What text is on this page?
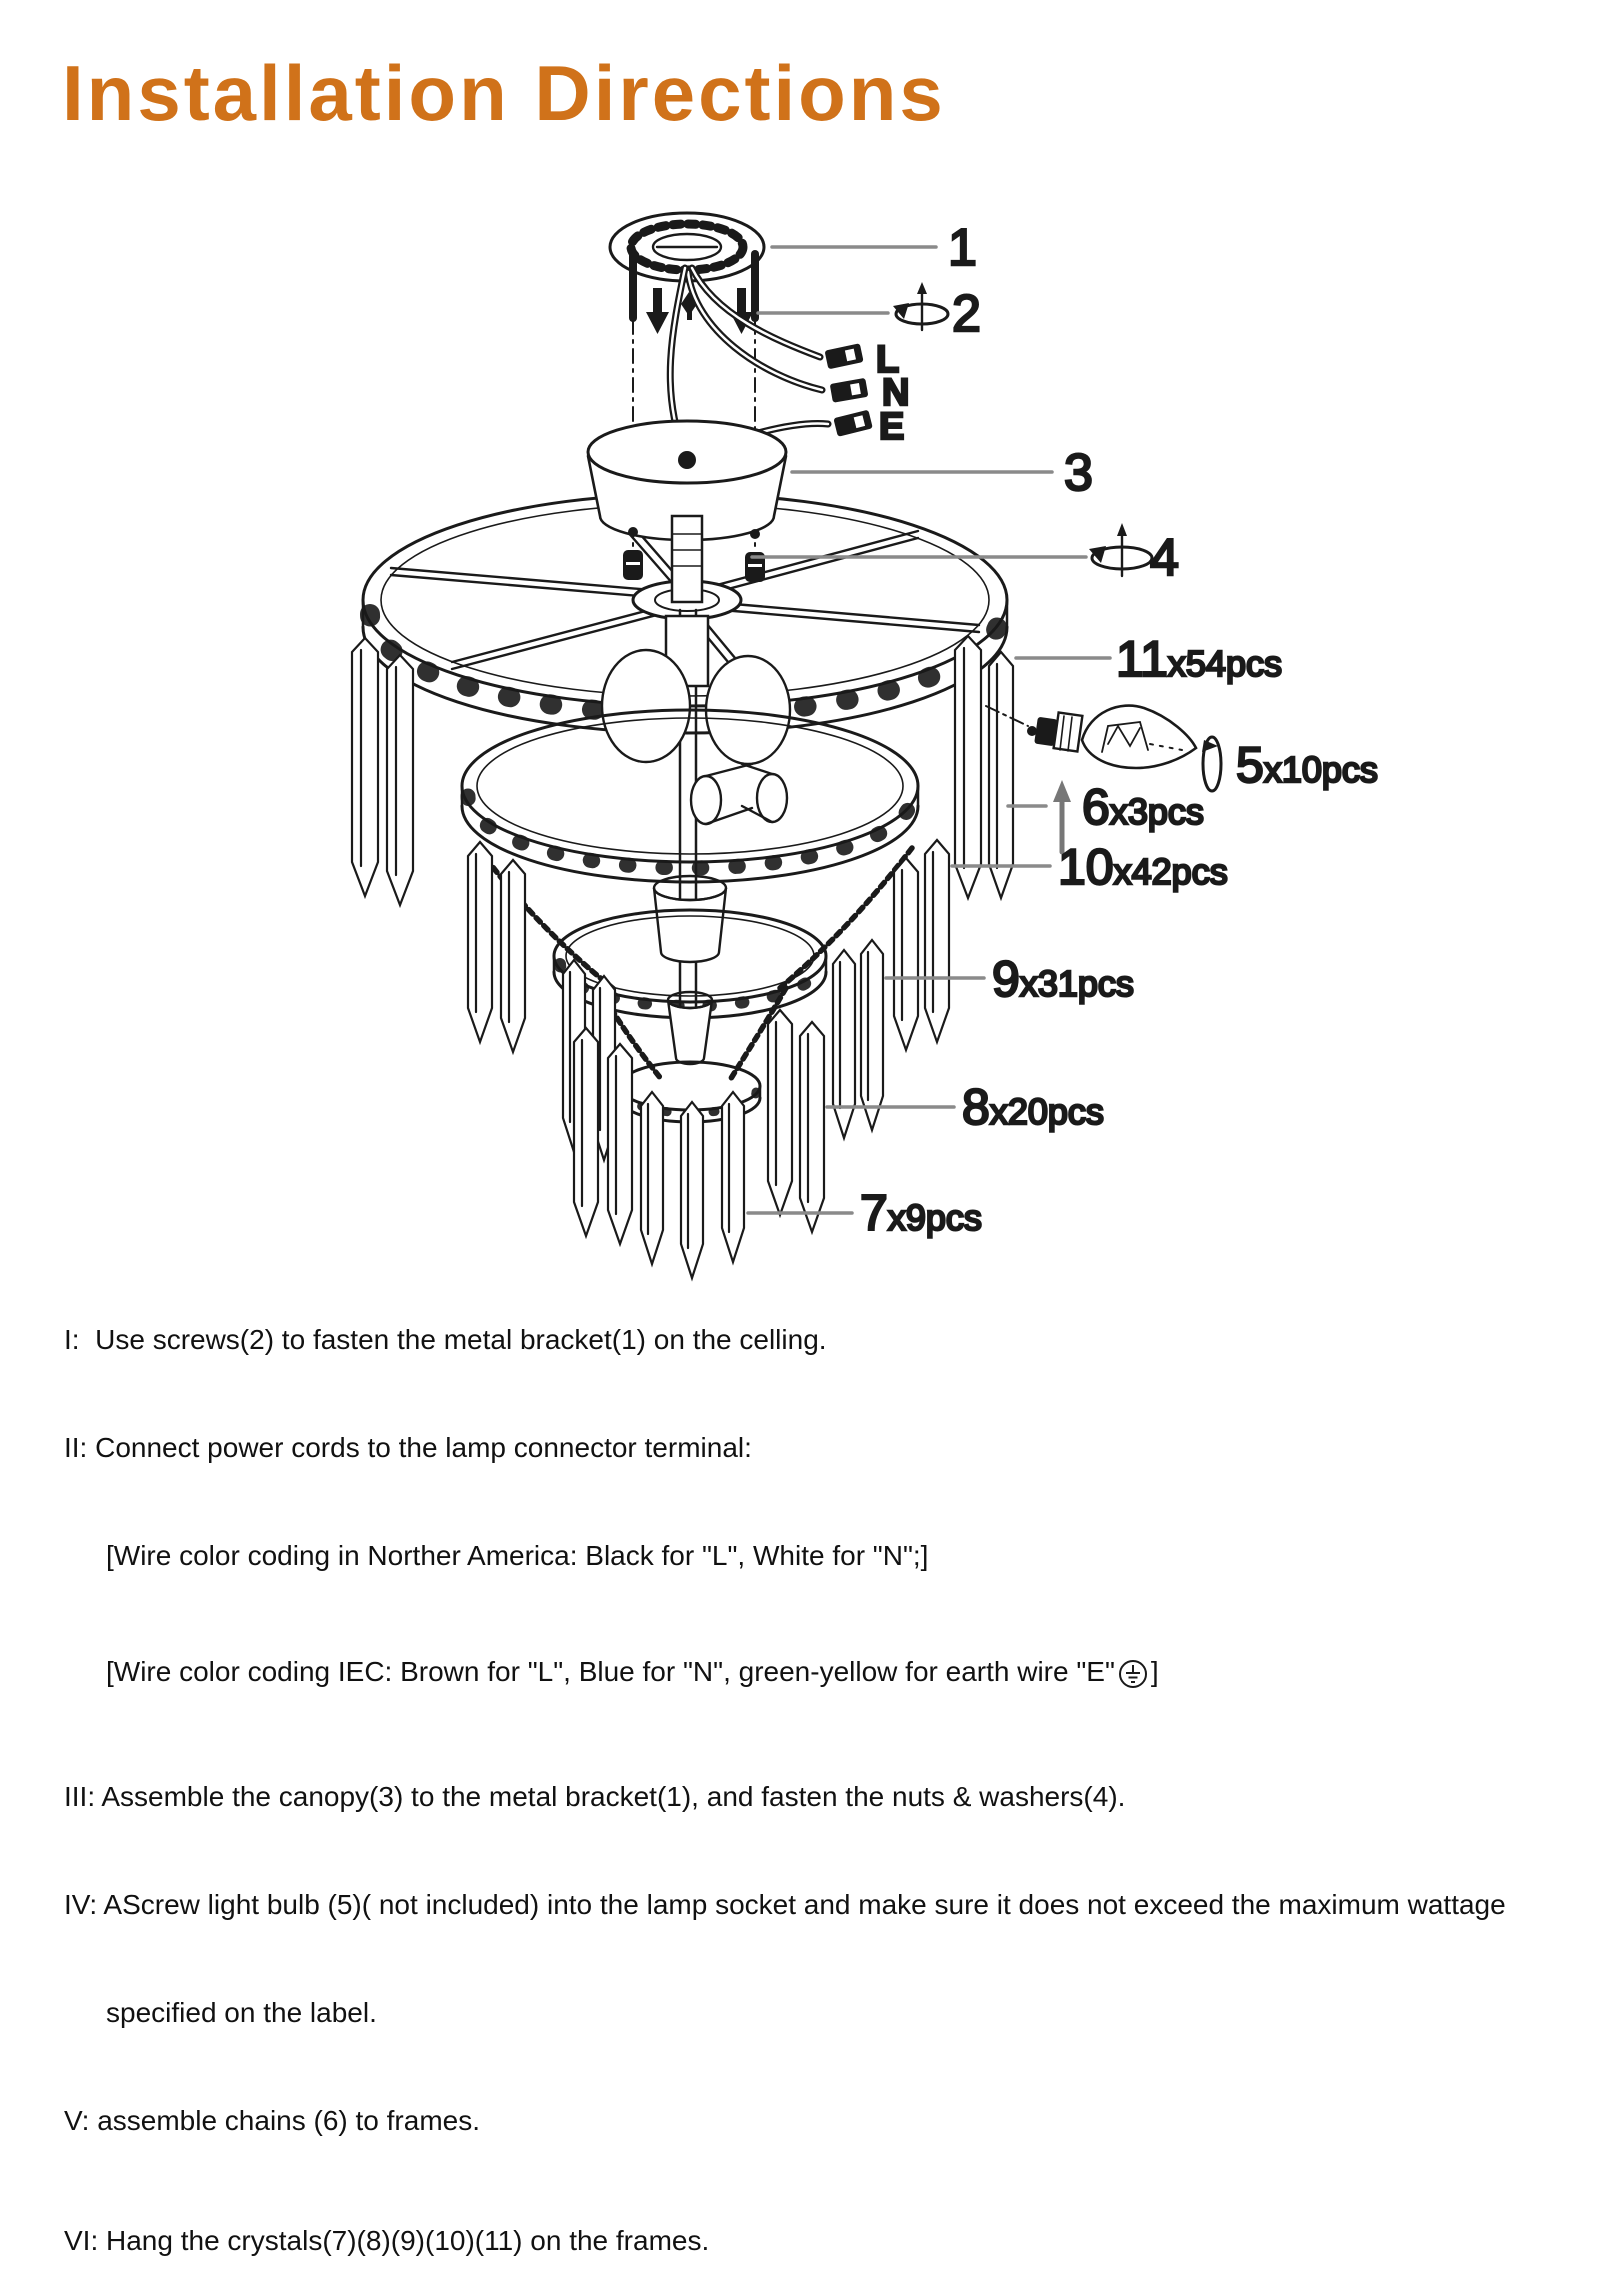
Installation Directions
L
N
E
1
2
3
4
11x54pcs
5x10pcs
6x3pcs
10x42pcs
9x31pcs
8x20pcs
7x9pcs

I:  Use screws(2) to fasten the metal bracket(1) on the celling.

II: Connect power cords to the lamp connector terminal:

[Wire color coding in Norther America: Black for "L", White for "N";]

[Wire color coding IEC: Brown for "L", Blue for "N", green-yellow for earth wire "E" ]

III: Assemble the canopy(3) to the metal bracket(1), and fasten the nuts & washers(4).

IV: AScrew light bulb (5)( not included) into the lamp socket and make sure it does not exceed the maximum wattage

specified on the label.

V: assemble chains (6) to frames.

VI: Hang the crystals(7)(8)(9)(10)(11) on the frames.
